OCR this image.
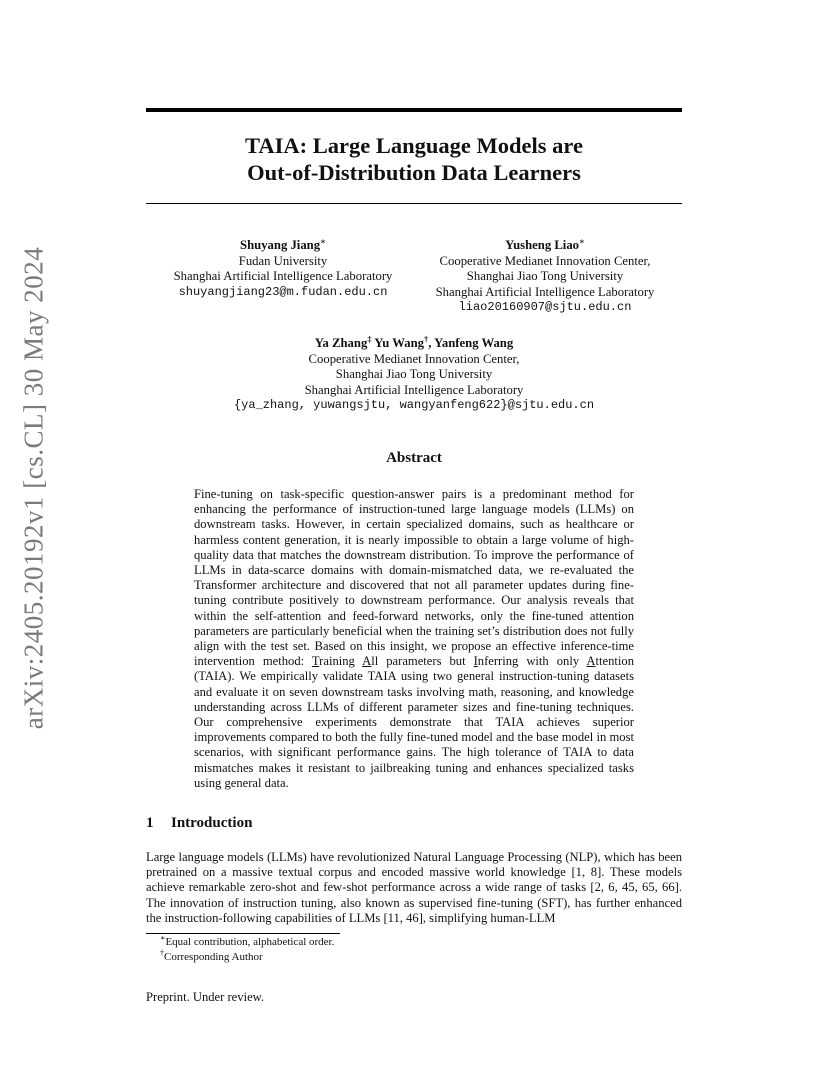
arXiv:2405.20192v1 [cs.CL] 30 May 2024
TAIA: Large Language Models are
Out-of-Distribution Data Learners
Shuyang Jiang∗
Fudan University
Shanghai Artificial Intelligence Laboratory
shuyangjiang23@m.fudan.edu.cn
Yusheng Liao∗
Cooperative Medianet Innovation Center,
Shanghai Jiao Tong University
Shanghai Artificial Intelligence Laboratory
liao20160907@sjtu.edu.cn
Ya Zhang‡ Yu Wang†, Yanfeng Wang
Cooperative Medianet Innovation Center,
Shanghai Jiao Tong University
Shanghai Artificial Intelligence Laboratory
{ya_zhang, yuwangsjtu, wangyanfeng622}@sjtu.edu.cn
Abstract
Fine-tuning on task-specific question-answer pairs is a predominant method for enhancing the performance of instruction-tuned large language models (LLMs) on downstream tasks. However, in certain specialized domains, such as healthcare or harmless content generation, it is nearly impossible to obtain a large volume of high-quality data that matches the downstream distribution. To improve the performance of LLMs in data-scarce domains with domain-mismatched data, we re-evaluated the Transformer architecture and discovered that not all parameter updates during fine-tuning contribute positively to downstream performance. Our analysis reveals that within the self-attention and feed-forward networks, only the fine-tuned attention parameters are particularly beneficial when the training set’s distribution does not fully align with the test set. Based on this insight, we propose an effective inference-time intervention method: Training All parameters but Inferring with only Attention (TAIA). We empirically validate TAIA using two general instruction-tuning datasets and evaluate it on seven downstream tasks involving math, reasoning, and knowledge understanding across LLMs of different parameter sizes and fine-tuning techniques. Our comprehensive experiments demonstrate that TAIA achieves superior improvements compared to both the fully fine-tuned model and the base model in most scenarios, with significant performance gains. The high tolerance of TAIA to data mismatches makes it resistant to jailbreaking tuning and enhances specialized tasks using general data.
1 Introduction
Large language models (LLMs) have revolutionized Natural Language Processing (NLP), which has been pretrained on a massive textual corpus and encoded massive world knowledge [1, 8]. These models achieve remarkable zero-shot and few-shot performance across a wide range of tasks [2, 6, 45, 65, 66]. The innovation of instruction tuning, also known as supervised fine-tuning (SFT), has further enhanced the instruction-following capabilities of LLMs [11, 46], simplifying human-LLM
∗Equal contribution, alphabetical order.
†Corresponding Author
Preprint. Under review.
